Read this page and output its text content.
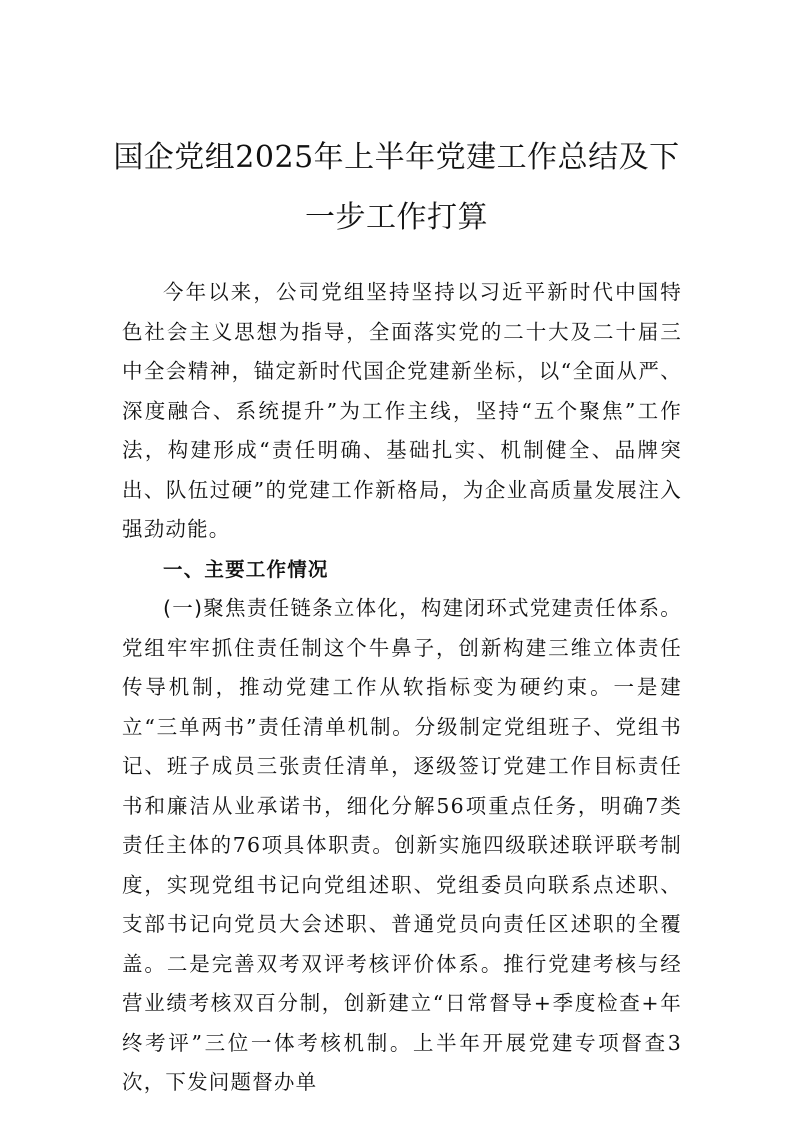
国企党组2025年上半年党建工作总结及下一步工作打算

今年以来，公司党组坚持坚持以习近平新时代中国特色社会主义思想为指导，全面落实党的二十大及二十届三中全会精神，锚定新时代国企党建新坐标，以“全面从严、深度融合、系统提升”为工作主线，坚持“五个聚焦”工作法，构建形成“责任明确、基础扎实、机制健全、品牌突出、队伍过硬”的党建工作新格局，为企业高质量发展注入强劲动能。

一、主要工作情况

(一)聚焦责任链条立体化，构建闭环式党建责任体系。党组牢牢抓住责任制这个牛鼻子，创新构建三维立体责任传导机制，推动党建工作从软指标变为硬约束。一是建立“三单两书”责任清单机制。分级制定党组班子、党组书记、班子成员三张责任清单，逐级签订党建工作目标责任书和廉洁从业承诺书，细化分解56项重点任务，明确7类责任主体的76项具体职责。创新实施四级联述联评联考制度，实现党组书记向党组述职、党组委员向联系点述职、支部书记向党员大会述职、普通党员向责任区述职的全覆盖。二是完善双考双评考核评价体系。推行党建考核与经营业绩考核双百分制，创新建立“日常督导+季度检查+年终考评”三位一体考核机制。上半年开展党建专项督查3次，下发问题督办单
